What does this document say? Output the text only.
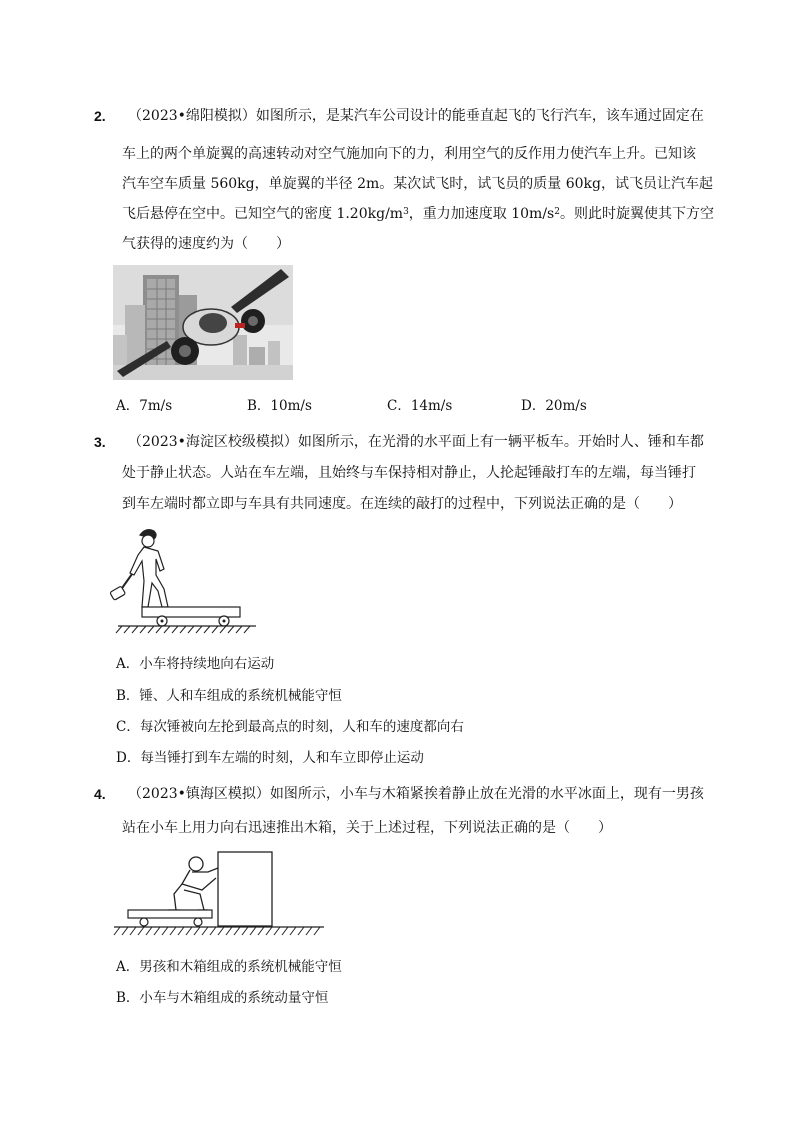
2. （2023•绵阳模拟）如图所示，是某汽车公司设计的能垂直起飞的飞行汽车，该车通过固定在
车上的两个单旋翼的高速转动对空气施加向下的力，利用空气的反作用力使汽车上升。已知该
汽车空车质量 560kg，单旋翼的半径 2m。某次试飞时，试飞员的质量 60kg，试飞员让汽车起
飞后悬停在空中。已知空气的密度 $1.20kg/m^3$，重力加速度取 $10m/s^2$。则此时旋翼使其下方空
气获得的速度约为（　　）
A．7m/s	B．10m/s	C．14m/s	D．20m/s
3. （2023•海淀区校级模拟）如图所示，在光滑的水平面上有一辆平板车。开始时人、锤和车都
处于静止状态。人站在车左端，且始终与车保持相对静止，人抡起锤敲打车的左端，每当锤打
到车左端时都立即与车具有共同速度。在连续的敲打的过程中，下列说法正确的是（　　）
A．小车将持续地向右运动
B．锤、人和车组成的系统机械能守恒
C．每次锤被向左抡到最高点的时刻，人和车的速度都向右
D．每当锤打到车左端的时刻，人和车立即停止运动
4. （2023•镇海区模拟）如图所示，小车与木箱紧挨着静止放在光滑的水平冰面上，现有一男孩
站在小车上用力向右迅速推出木箱，关于上述过程，下列说法正确的是（　　）
A．男孩和木箱组成的系统机械能守恒
B．小车与木箱组成的系统动量守恒
